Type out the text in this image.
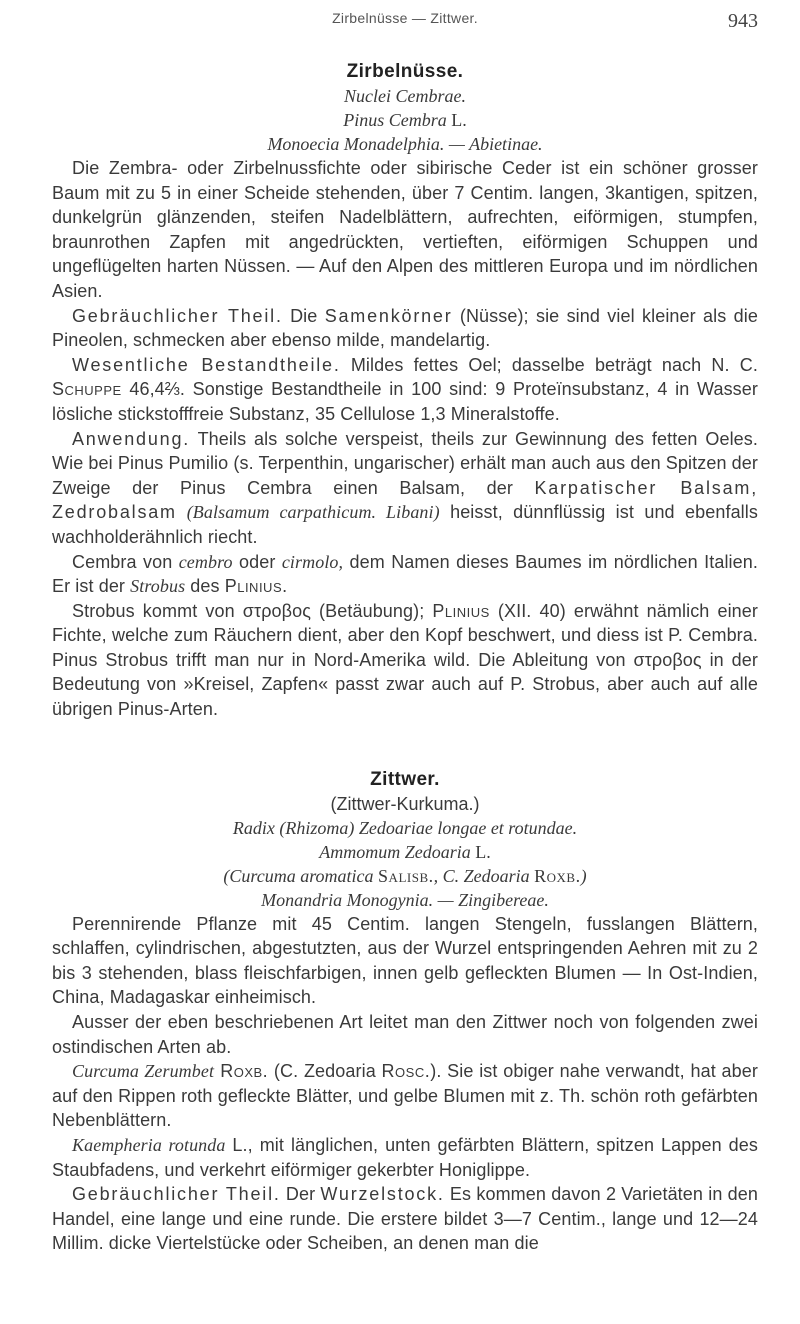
Zirbelnüsse — Zittwer.	943
Zirbelnüsse.

Nuclei Cembrae.

Pinus Cembra L.

Monoecia Monadelphia. — Abietinae.

Die Zembra- oder Zirbelnussfichte oder sibirische Ceder ist ein schöner grosser Baum mit zu 5 in einer Scheide stehenden, über 7 Centim. langen, 3kantigen, spitzen, dunkelgrün glänzenden, steifen Nadelblättern, aufrechten, eiförmigen, stumpfen, braunrothen Zapfen mit angedrückten, vertieften, eiförmigen Schuppen und ungeflügelten harten Nüssen. — Auf den Alpen des mittleren Europa und im nördlichen Asien.

Gebräuchlicher Theil. Die Samenkörner (Nüsse); sie sind viel kleiner als die Pineolen, schmecken aber ebenso milde, mandelartig.

Wesentliche Bestandtheile. Mildes fettes Oel; dasselbe beträgt nach N. C. Schuppe 46,4⅔. Sonstige Bestandtheile in 100 sind: 9 Proteïnsubstanz, 4 in Wasser lösliche stickstofffreie Substanz, 35 Cellulose 1,3 Mineralstoffe.

Anwendung. Theils als solche verspeist, theils zur Gewinnung des fetten Oeles. Wie bei Pinus Pumilio (s. Terpenthin, ungarischer) erhält man auch aus den Spitzen der Zweige der Pinus Cembra einen Balsam, der Karpatischer Balsam, Zedrobalsam (Balsamum carpathicum. Libani) heisst, dünnflüssig ist und ebenfalls wachholderähnlich riecht.

Cembra von cembro oder cirmolo, dem Namen dieses Baumes im nördlichen Italien. Er ist der Strobus des Plinius.

Strobus kommt von στρoβoς (Betäubung); Plinius (XII. 40) erwähnt nämlich einer Fichte, welche zum Räuchern dient, aber den Kopf beschwert, und diess ist P. Cembra. Pinus Strobus trifft man nur in Nord-Amerika wild. Die Ableitung von στρoβoς in der Bedeutung von »Kreisel, Zapfen« passt zwar auch auf P. Strobus, aber auch auf alle übrigen Pinus-Arten.

Zittwer.

(Zittwer-Kurkuma.)

Radix (Rhizoma) Zedoariae longae et rotundae.

Ammomum Zedoaria L.

(Curcuma aromatica Salisb., C. Zedoaria Roxb.)

Monandria Monogynia. — Zingibereae.

Perennirende Pflanze mit 45 Centim. langen Stengeln, fusslangen Blättern, schlaffen, cylindrischen, abgestutzten, aus der Wurzel entspringenden Aehren mit zu 2 bis 3 stehenden, blass fleischfarbigen, innen gelb gefleckten Blumen — In Ost-Indien, China, Madagaskar einheimisch.

Ausser der eben beschriebenen Art leitet man den Zittwer noch von folgenden zwei ostindischen Arten ab.

Curcuma Zerumbet Roxb. (C. Zedoaria Rosc.). Sie ist obiger nahe verwandt, hat aber auf den Rippen roth gefleckte Blätter, und gelbe Blumen mit z. Th. schön roth gefärbten Nebenblättern.

Kaempheria rotunda L., mit länglichen, unten gefärbten Blättern, spitzen Lappen des Staubfadens, und verkehrt eiförmiger gekerbter Honiglippe.

Gebräuchlicher Theil. Der Wurzelstock. Es kommen davon 2 Varietäten in den Handel, eine lange und eine runde. Die erstere bildet 3—7 Centim., lange und 12—24 Millim. dicke Viertelstücke oder Scheiben, an denen man die
